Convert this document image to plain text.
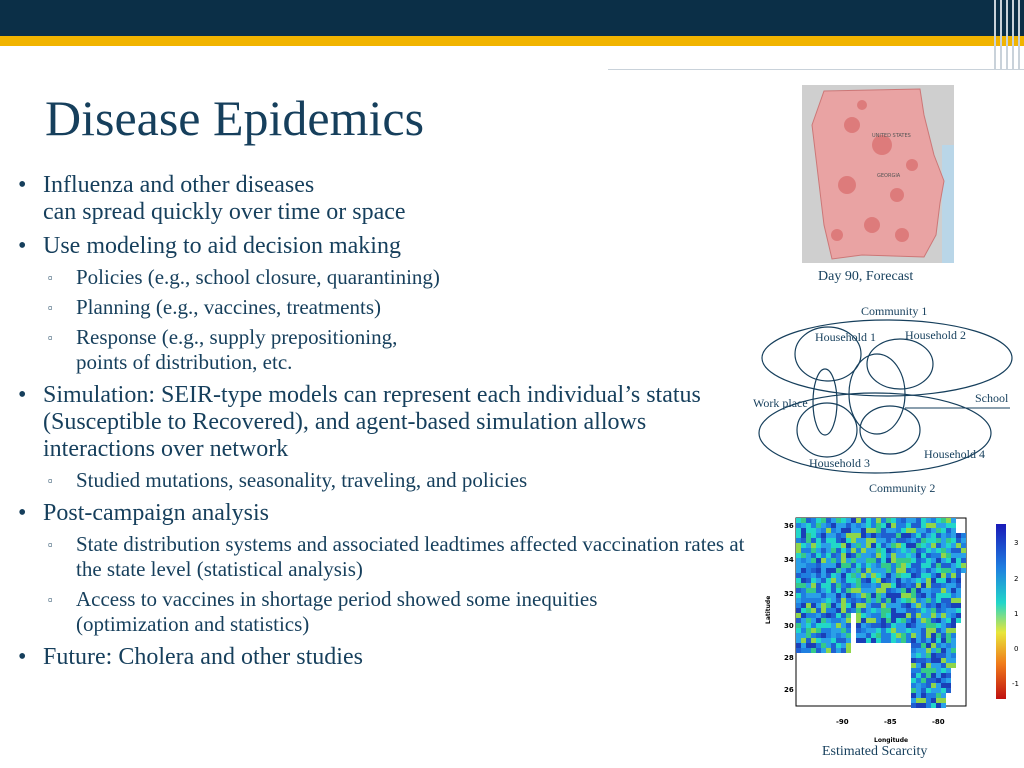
Disease Epidemics
• Influenza and other diseases
can spread quickly over time or space
• Use modeling to aid decision making
▫ Policies (e.g., school closure, quarantining)
▫ Planning (e.g., vaccines, treatments)
▫ Response (e.g., supply prepositioning,
points of distribution, etc.
• Simulation: SEIR-type models can represent each individual’s status (Susceptible to Recovered), and agent-based simulation allows interactions over network
▫ Studied mutations, seasonality, traveling, and policies
• Post-campaign analysis
▫ State distribution systems and associated leadtimes affected vaccination rates at the state level (statistical analysis)
▫ Access to vaccines in shortage period showed some inequities
(optimization and statistics)
• Future: Cholera and other studies
UNITED STATES
GEORGIA
Day 90, Forecast
Community 1
Household 1 Household 2
Work place	School
Household 4
Household 3
Community 2
3
2
1
0
-1
36
34
32
30
28
26
-90	-85	-80
Longitude
Latitude
Estimated Scarcity
